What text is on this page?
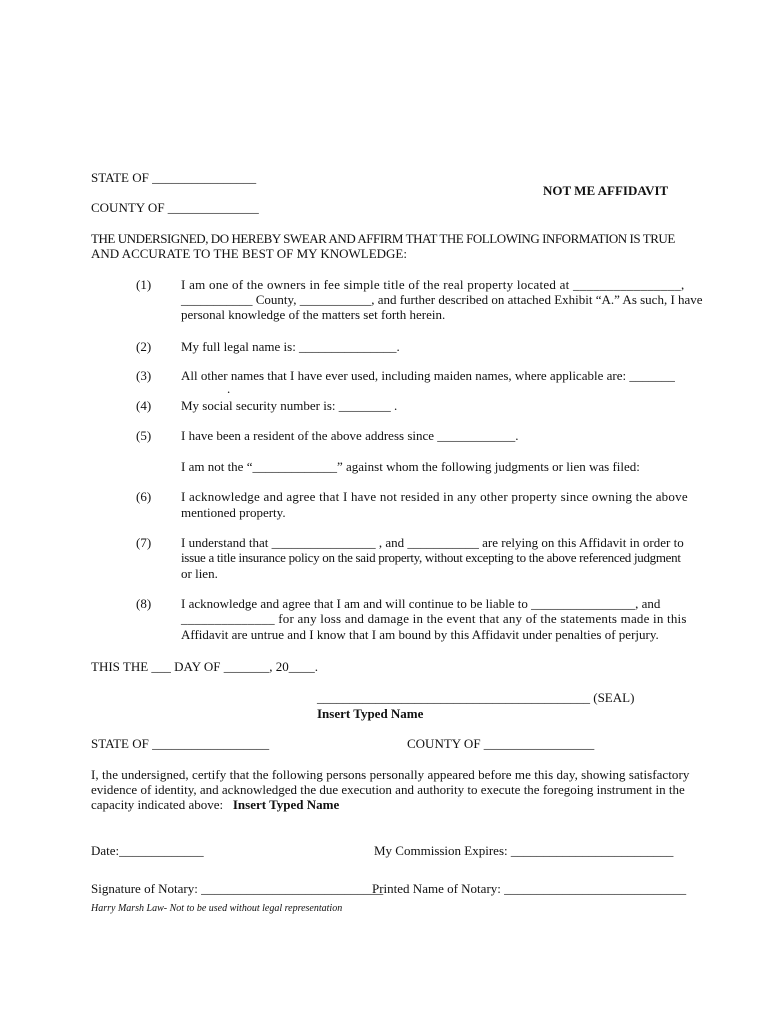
STATE OF ________________
NOT ME AFFIDAVIT
COUNTY OF ______________
THE UNDERSIGNED, DO HEREBY SWEAR AND AFFIRM THAT THE FOLLOWING INFORMATION IS TRUE
AND ACCURATE TO THE BEST OF MY KNOWLEDGE:
(1)	I am one of the owners in fee simple title of the real property located at ________________,
___________ County, ___________, and further described on attached Exhibit “A.” As such, I have
personal knowledge of the matters set forth herein.
(2)	My full legal name is: _______________.
(3)	All other names that I have ever used, including maiden names, where applicable are: _______
.
(4)	My social security number is: ________ .
(5)	I have been a resident of the above address since ____________.
I am not the “_____________” against whom the following judgments or lien was filed:
(6)	I acknowledge and agree that I have not resided in any other property since owning the above
mentioned property.
(7)	I understand that ________________ , and ___________ are relying on this Affidavit in order to
issue a title insurance policy on the said property, without excepting to the above referenced judgment
or lien.
(8)	I acknowledge and agree that I am and will continue to be liable to ________________, and
______________ for any loss and damage in the event that any of the statements made in this
Affidavit are untrue and I know that I am bound by this Affidavit under penalties of perjury.
THIS THE ___ DAY OF _______, 20____.
__________________________________________ (SEAL)
Insert Typed Name
STATE OF __________________	COUNTY OF _________________
I, the undersigned, certify that the following persons personally appeared before me this day, showing satisfactory
evidence of identity, and acknowledged the due execution and authority to execute the foregoing instrument in the
capacity indicated above: Insert Typed Name
Date:_____________	My Commission Expires: _________________________
Signature of Notary: ____________________________
Printed Name of Notary: ____________________________
Harry Marsh Law- Not to be used without legal representation
